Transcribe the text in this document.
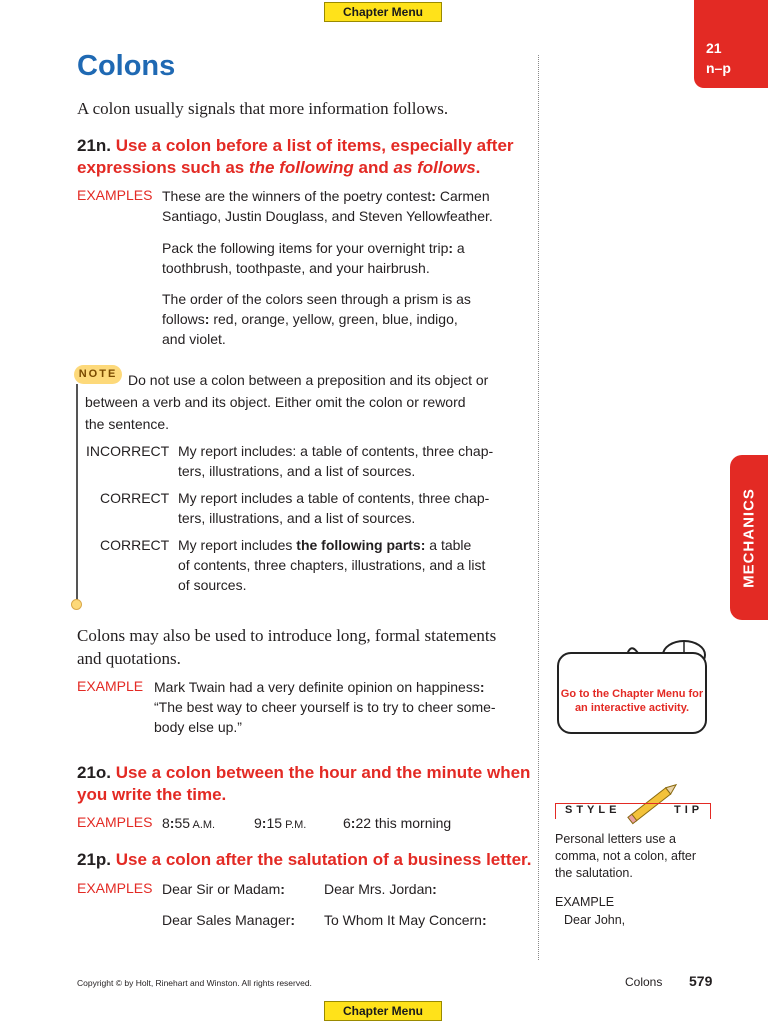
Chapter Menu
21
n–p
Colons
A colon usually signals that more information follows.
21n. Use a colon before a list of items, especially after
expressions such as the following and as follows.
EXAMPLES These are the winners of the poetry contest: Carmen
Santiago, Justin Douglass, and Steven Yellowfeather.
Pack the following items for your overnight trip: a
toothbrush, toothpaste, and your hairbrush.
The order of the colors seen through a prism is as
follows: red, orange, yellow, green, blue, indigo,
and violet.
NOTE Do not use a colon between a preposition and its object or
between a verb and its object. Either omit the colon or reword
the sentence.
INCORRECT My report includes: a table of contents, three chap-
ters, illustrations, and a list of sources.
CORRECT My report includes a table of contents, three chap-
ters, illustrations, and a list of sources.
CORRECT My report includes the following parts: a table
of contents, three chapters, illustrations, and a list
of sources.
Colons may also be used to introduce long, formal statements
and quotations.
EXAMPLE Mark Twain had a very definite opinion on happiness:
“The best way to cheer yourself is to try to cheer some-
body else up.”
21o. Use a colon between the hour and the minute when
you write the time.
EXAMPLES 8:55 A.M.	9:15 P.M.	6:22 this morning
21p. Use a colon after the salutation of a business letter.
EXAMPLES Dear Sir or Madam:	Dear Mrs. Jordan:
Dear Sales Manager: To Whom It May Concern:
MECHANICS
Go to the Chapter Menu for an interactive activity.
STYLE	TIP
Personal letters use a
comma, not a colon, after
the salutation.
EXAMPLE
Dear John,
Copyright © by Holt, Rinehart and Winston. All rights reserved.	Colons 579
Chapter Menu
